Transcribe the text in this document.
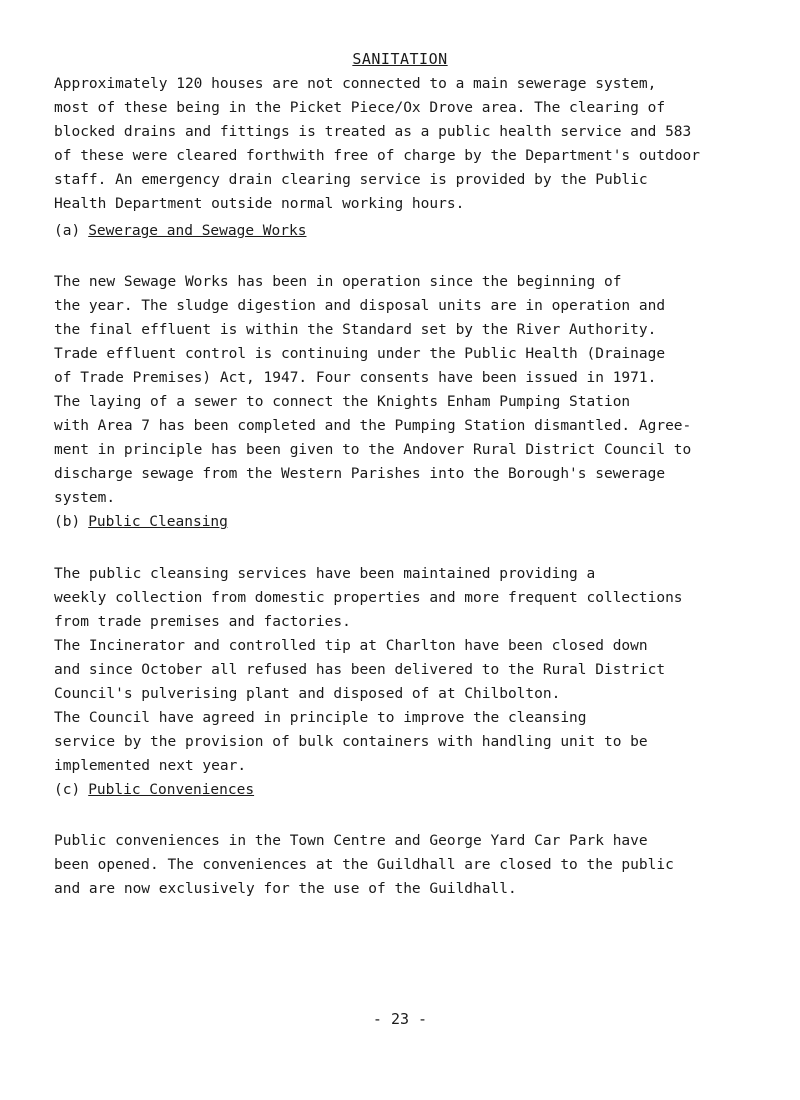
SANITATION

Approximately 120 houses are not connected to a main sewerage system,
most of these being in the Picket Piece/Ox Drove area. The clearing of
blocked drains and fittings is treated as a public health service and 583
of these were cleared forthwith free of charge by the Department's outdoor
staff. An emergency drain clearing service is provided by the Public
Health Department outside normal working hours.

(a) Sewerage and Sewage Works

The new Sewage Works has been in operation since the beginning of
the year. The sludge digestion and disposal units are in operation and
the final effluent is within the Standard set by the River Authority.

Trade effluent control is continuing under the Public Health (Drainage
of Trade Premises) Act, 1947. Four consents have been issued in 1971.

The laying of a sewer to connect the Knights Enham Pumping Station
with Area 7 has been completed and the Pumping Station dismantled. Agree-
ment in principle has been given to the Andover Rural District Council to
discharge sewage from the Western Parishes into the Borough's sewerage
system.

(b) Public Cleansing

The public cleansing services have been maintained providing a
weekly collection from domestic properties and more frequent collections
from trade premises and factories.

The Incinerator and controlled tip at Charlton have been closed down
and since October all refused has been delivered to the Rural District
Council's pulverising plant and disposed of at Chilbolton.

The Council have agreed in principle to improve the cleansing
service by the provision of bulk containers with handling unit to be
implemented next year.

(c) Public Conveniences

Public conveniences in the Town Centre and George Yard Car Park have
been opened. The conveniences at the Guildhall are closed to the public
and are now exclusively for the use of the Guildhall.

- 23 -
